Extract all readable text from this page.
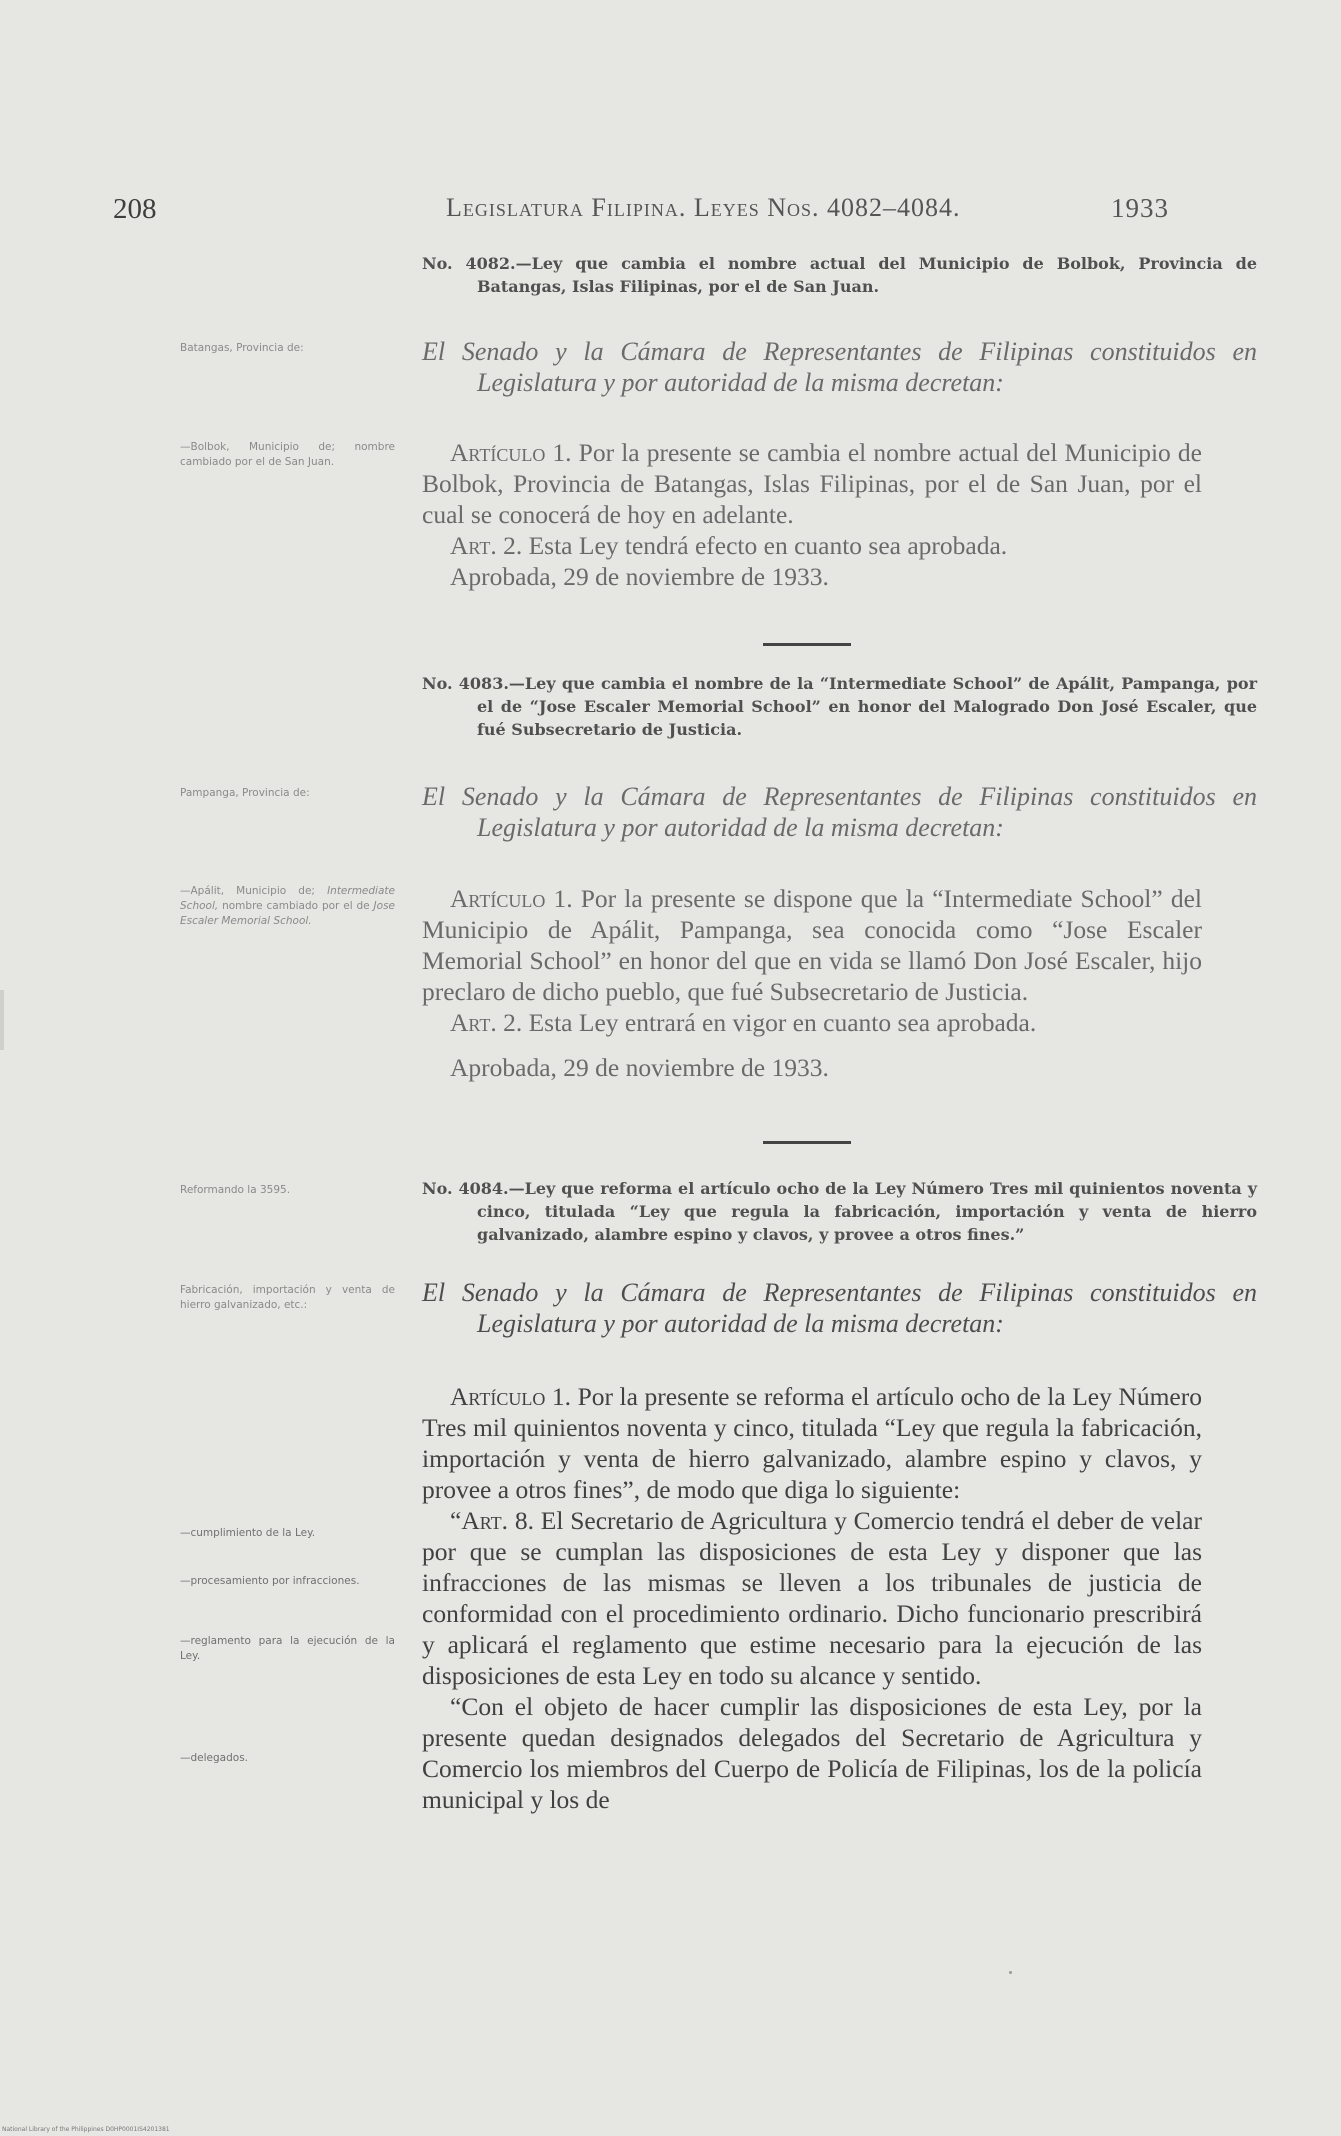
208	Legislatura Filipina. Leyes Nos. 4082–4084.	1933
No. 4082.—Ley que cambia el nombre actual del Municipio de Bolbok, Provincia de Batangas, Islas Filipinas, por el de San Juan.
Batangas, Provincia de:	El Senado y la Cámara de Representantes de Filipinas constituidos en Legislatura y por autoridad de la misma decretan:
—Bolbok, Municipio de; nombre cambiado por el de San Juan.	Artículo 1. Por la presente se cambia el nombre actual del Municipio de Bolbok, Provincia de Batangas, Islas Filipinas, por el de San Juan, por el cual se conocerá de hoy en adelante.

Art. 2. Esta Ley tendrá efecto en cuanto sea aprobada.

Aprobada, 29 de noviembre de 1933.

No. 4083.—Ley que cambia el nombre de la “Intermediate School” de Apálit, Pampanga, por el de “Jose Escaler Memorial School” en honor del Malogrado Don José Escaler, que fué Subsecretario de Justicia.
Pampanga, Provincia de:	El Senado y la Cámara de Representantes de Filipinas constituidos en Legislatura y por autoridad de la misma decretan:
—Apálit, Municipio de; Intermediate School, nombre cambiado por el de Jose Escaler Memorial School.

Artículo 1. Por la presente se dispone que la “Intermediate School” del Municipio de Apálit, Pampanga, sea conocida como “Jose Escaler Memorial School” en honor del que en vida se llamó Don José Escaler, hijo preclaro de dicho pueblo, que fué Subsecretario de Justicia.

Art. 2. Esta Ley entrará en vigor en cuanto sea aprobada.

Aprobada, 29 de noviembre de 1933.

Reformando la 3595.	No. 4084.—Ley que reforma el artículo ocho de la Ley Número Tres mil quinientos noventa y cinco, titulada “Ley que regula la fabricación, importación y venta de hierro galvanizado, alambre espino y clavos, y provee a otros fines.”
Fabricación, importación y venta de hierro galvanizado, etc.:	El Senado y la Cámara de Representantes de Filipinas constituidos en Legislatura y por autoridad de la misma decretan:

Artículo 1. Por la presente se reforma el artículo ocho de la Ley Número Tres mil quinientos noventa y cinco, titulada “Ley que regula la fabricación, importación y venta de hierro galvanizado, alambre espino y clavos, y provee a otros fines”, de modo que diga lo siguiente:

“Art. 8. El Secretario de Agricultura y Comercio tendrá el deber de velar por que se cumplan las disposiciones de esta Ley y disponer que las infracciones de las mismas se lleven a los tribunales de justicia de conformidad con el procedimiento ordinario. Dicho funcionario prescribirá y aplicará el reglamento que estime necesario para la ejecución de las disposiciones de esta Ley en todo su alcance y sentido.

“Con el objeto de hacer cumplir las disposiciones de esta Ley, por la presente quedan designados delegados del Secretario de Agricultura y Comercio los miembros del Cuerpo de Policía de Filipinas, los de la policía municipal y los de

—cumplimiento de la Ley.
—procesamiento por infracciones.
—reglamento para la ejecución de la Ley.
—delegados.
National Library of the Philippines D0HP0001IS4201381
